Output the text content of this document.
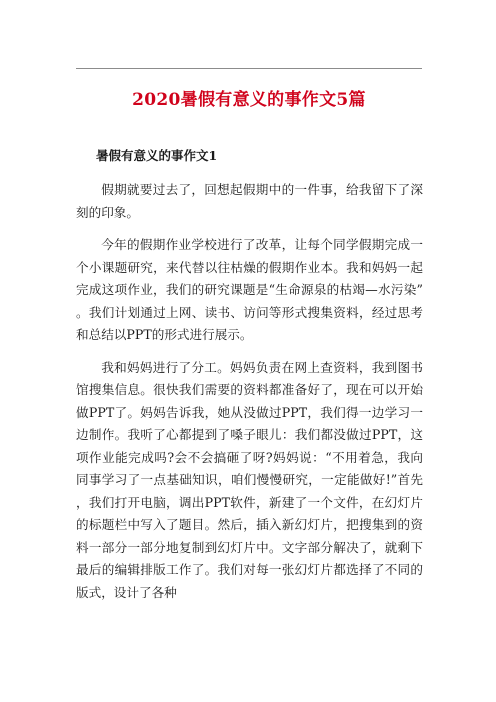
2020暑假有意义的事作文5篇
暑假有意义的事作文1

假期就要过去了，回想起假期中的一件事，给我留下了深刻的印象。

今年的假期作业学校进行了改革，让每个同学假期完成一个小课题研究，来代替以往枯燥的假期作业本。我和妈妈一起完成这项作业，我们的研究课题是“生命源泉的枯竭—水污染”。我们计划通过上网、读书、访问等形式搜集资料，经过思考和总结以PPT的形式进行展示。

我和妈妈进行了分工。妈妈负责在网上查资料，我到图书馆搜集信息。很快我们需要的资料都准备好了，现在可以开始做PPT了。妈妈告诉我，她从没做过PPT，我们得一边学习一边制作。我听了心都提到了嗓子眼儿：我们都没做过PPT，这项作业能完成吗?会不会搞砸了呀?妈妈说：“不用着急，我向同事学习了一点基础知识，咱们慢慢研究，一定能做好!”首先，我们打开电脑，调出PPT软件，新建了一个文件，在幻灯片的标题栏中写入了题目。然后，插入新幻灯片，把搜集到的资料一部分一部分地复制到幻灯片中。文字部分解决了，就剩下最后的编辑排版工作了。我们对每一张幻灯片都选择了不同的版式，设计了各种
